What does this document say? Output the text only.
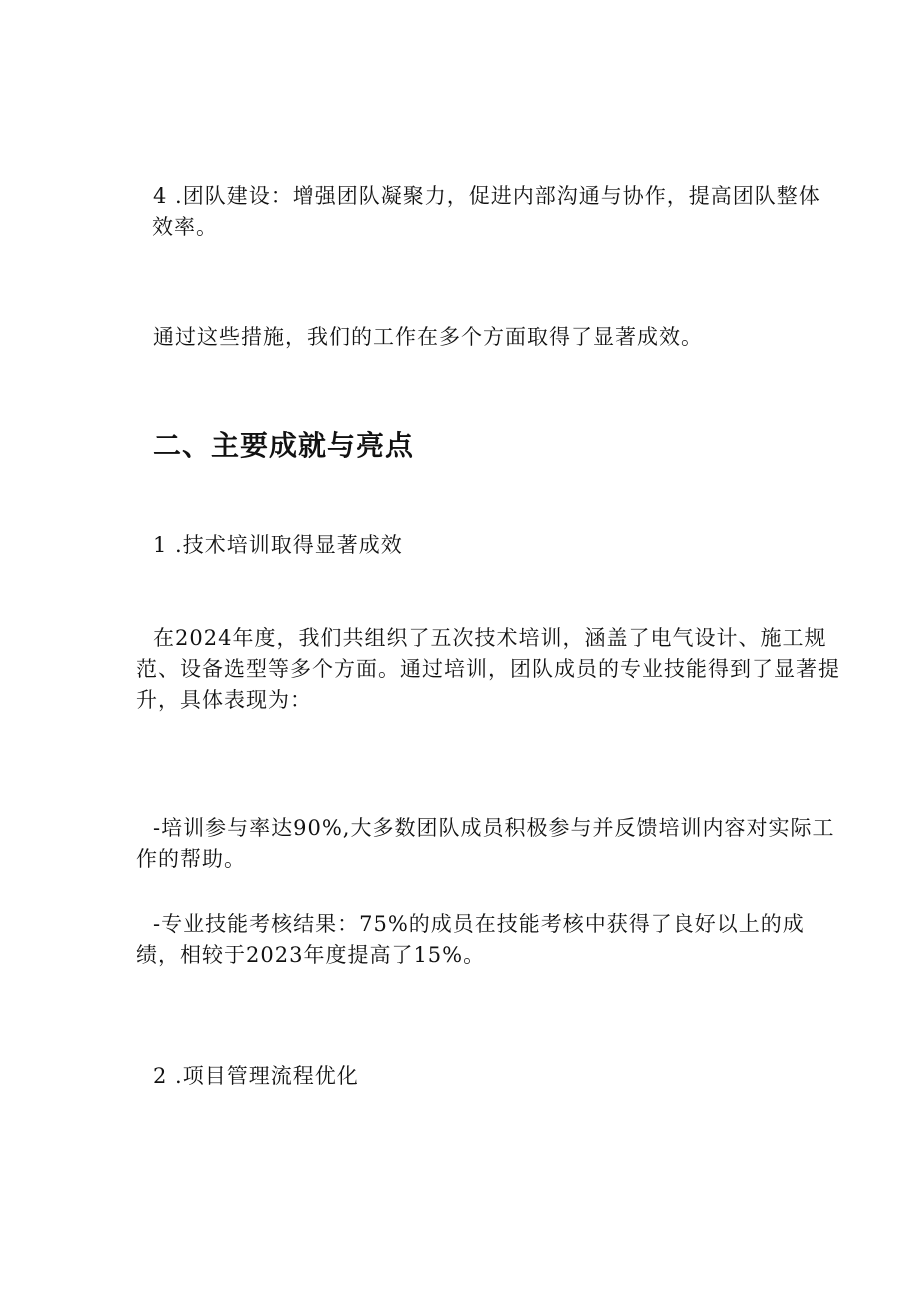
4 .团队建设：增强团队凝聚力，促进内部沟通与协作，提高团队整体
效率。

通过这些措施，我们的工作在多个方面取得了显著成效。

二、主要成就与亮点

1 .技术培训取得显著成效

在2024年度，我们共组织了五次技术培训，涵盖了电气设计、施工规
范、设备选型等多个方面。通过培训，团队成员的专业技能得到了显著提
升，具体表现为：
-培训参与率达90%,大多数团队成员积极参与并反馈培训内容对实际工
作的帮助。
-专业技能考核结果：75%的成员在技能考核中获得了良好以上的成
绩，相较于2023年度提高了15%。

2 .项目管理流程优化
